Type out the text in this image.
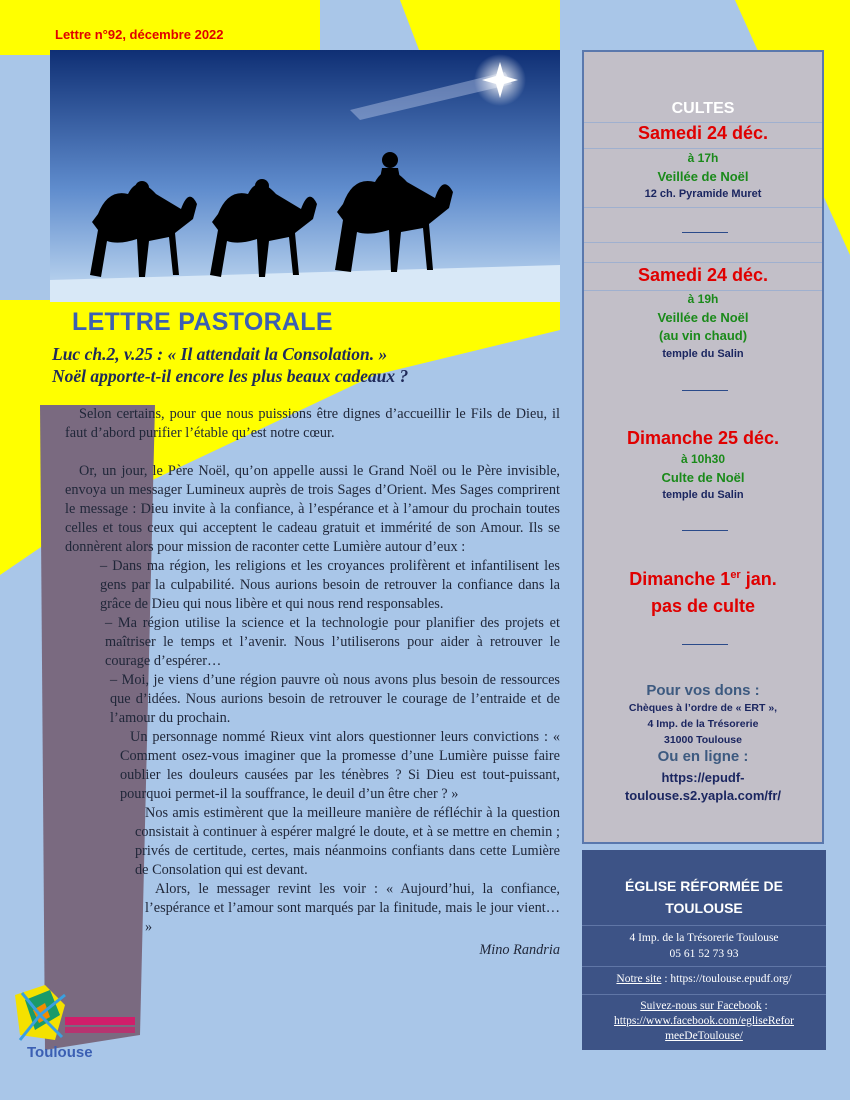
Lettre n°92, décembre 2022
LETTRE PASTORALE
Luc ch.2, v.25 : « Il attendait la Consolation. »
Noël apporte-t-il encore les plus beaux cadeaux ?

Selon certains, pour que nous puissions être dignes d’accueillir le Fils de Dieu, il faut d’abord purifier l’étable qu’est notre cœur.

Or, un jour, le Père Noël, qu’on appelle aussi le Grand Noël ou le Père invisible, envoya un messager Lumineux auprès de trois Sages d’Orient. Mes Sages comprirent le message : Dieu invite à la confiance, à l’espérance et à l’amour du prochain toutes celles et tous ceux qui acceptent le cadeau gratuit et immérité de son Amour. Ils se donnèrent alors pour mission de raconter cette Lumière autour d’eux :

– Dans ma région, les religions et les croyances prolifèrent et infantilisent les gens par la culpabilité. Nous aurions besoin de retrouver la confiance dans la grâce de Dieu qui nous libère et qui nous rend responsables.

– Ma région utilise la science et la technologie pour planifier des projets et maîtriser le temps et l’avenir. Nous l’utiliserons pour aider à retrouver le courage d’espérer…

– Moi, je viens d’une région pauvre où nous avons plus besoin de ressources que d’idées. Nous aurions besoin de retrouver le courage de l’entraide et de l’amour du prochain.

Un personnage nommé Rieux vint alors questionner leurs convictions : « Comment osez-vous imaginer que la promesse d’une Lumière puisse faire oublier les douleurs causées par les ténèbres ? Si Dieu est tout-puissant, pourquoi permet-il la souffrance, le deuil d’un être cher ? »

Nos amis estimèrent que la meilleure manière de réfléchir à la question consistait à continuer à espérer malgré le doute, et à se mettre en chemin ; privés de certitude, certes, mais néanmoins confiants dans cette Lumière de Consolation qui est devant.

Alors, le messager revint les voir : « Aujourd’hui, la confiance, l’espérance et l’amour sont marqués par la finitude, mais le jour vient… »

Mino Randria

CULTES
Samedi 24 déc.
à 17h
Veillée de Noël
12 ch. Pyramide Muret
Samedi 24 déc.
à 19h
Veillée de Noël
(au vin chaud)
temple du Salin
Dimanche 25 déc.
à 10h30
Culte de Noël
temple du Salin
Dimanche 1er jan.
pas de culte
Pour vos dons :
Chèques à l’ordre de « ERT »,
4 Imp. de la Trésorerie
31000 Toulouse
Ou en ligne :
https://epudf-
toulouse.s2.yapla.com/fr/
ÉGLISE RÉFORMÉE DE
TOULOUSE
4 Imp. de la Trésorerie Toulouse
05 61 52 73 93
Notre site : https://toulouse.epudf.org/
Suivez-nous sur Facebook :
https://www.facebook.com/egliseRefor
meeDeToulouse/
Toulouse
